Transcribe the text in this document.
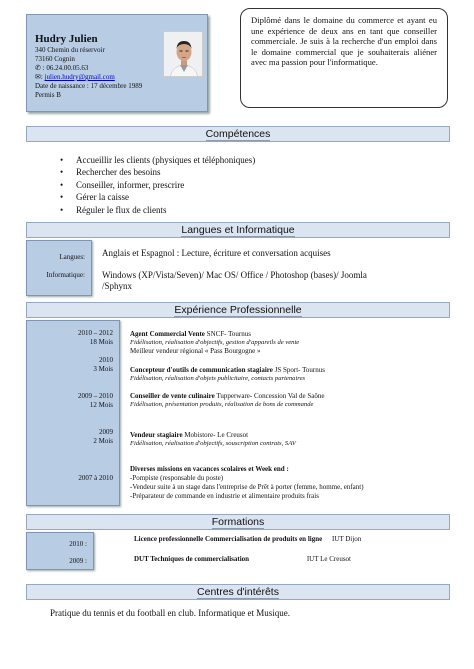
Hudry Julien
340 Chemin du réservoir
73160 Cognin
✆ : 06.24.00.05.63
✉: julien.hudry@gmail.com
Date de naissance : 17 décembre 1989
Permis B
Diplômé dans le domaine du commerce et ayant eu une expérience de deux ans en tant que conseiller commerciale. Je suis à la recherche d'un emploi dans le domaine commercial que je souhaiterais aliéner avec ma passion pour l'informatique.
Compétences
• Accueillir les clients (physiques et téléphoniques)
• Rechercher des besoins
• Conseiller, informer, prescrire
• Gérer la caisse
• Réguler le flux de clients
Langues et Informatique
Langues:
Informatique:
Anglais et Espagnol : Lecture, écriture et conversation acquises
Windows (XP/Vista/Seven)/ Mac OS/ Office / Photoshop (bases)/ Joomla
/Sphynx
Expérience Professionnelle
2010 – 2012
18 Mois
2010
3 Mois
2009 – 2010
12 Mois
2009
2 Mois
2007 à 2010
Agent Commercial Vente SNCF- Tournus
Fidélisation, réalisation d'objectifs, gestion d'appareils de vente
Meilleur vendeur régional « Pass Bourgogne »
Concepteur d'outils de communication stagiaire JS Sport- Tournus
Fidélisation, réalisation d'objets publicitaire, contacts partenaires
Conseiller de vente culinaire Tupperware- Concession Val de Saône
Fidélisation, présentation produits, réalisation de bons de commande
Vendeur stagiaire Mobistore- Le Creusot
Fidélisation, réalisation d'objectifs, souscription contrats, SAV
Diverses missions en vacances scolaires et Week end :
-Pompiste (responsable du poste)
-Vendeur suite à un stage dans l'entreprise de Prêt à porter (femme, homme, enfant)
-Préparateur de commande en industrie et alimentaire produits frais
Formations
2010 :
2009 :
Licence professionnelle Commercialisation de produits en ligne IUT Dijon
DUT Techniques de commercialisation	IUT Le Creusot
Centres d'intérêts
Pratique du tennis et du football en club. Informatique et Musique.
